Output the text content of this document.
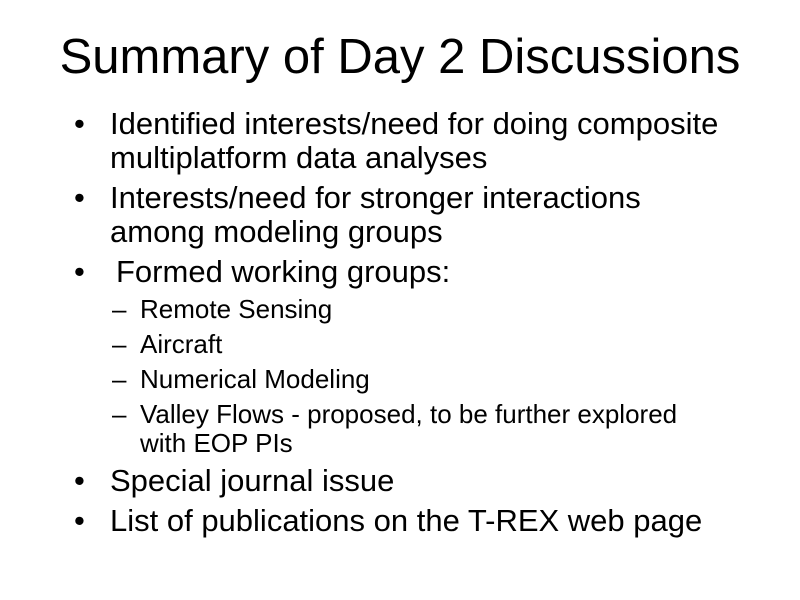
Summary of Day 2 Discussions
• Identified interests/need for doing composite multiplatform data analyses
• Interests/need for stronger interactions among modeling groups
•	Formed working groups:
– Remote Sensing
– Aircraft
– Numerical Modeling
– Valley Flows - proposed, to be further explored with EOP PIs
• Special journal issue
• List of publications on the T-REX web page
